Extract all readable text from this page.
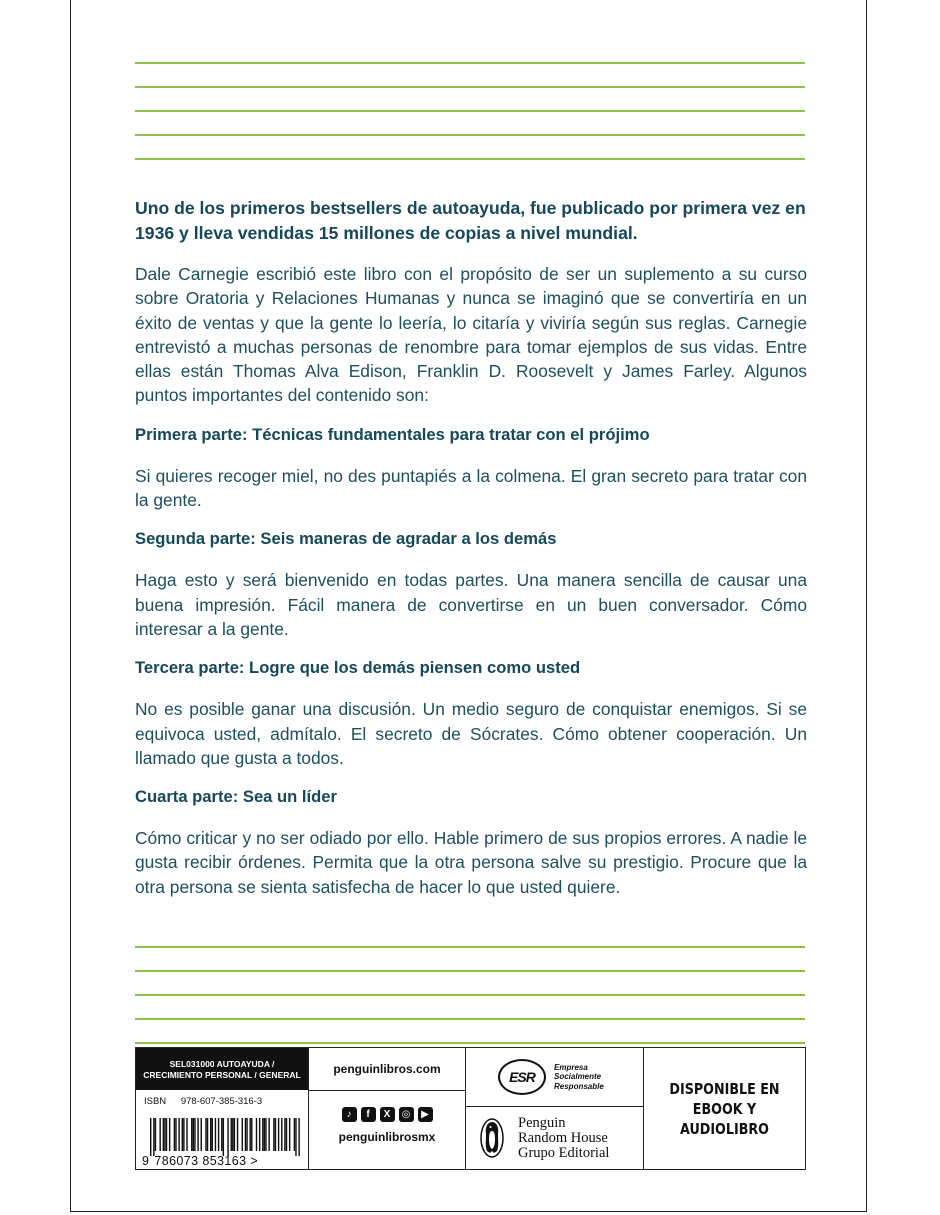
Uno de los primeros bestsellers de autoayuda, fue publicado por primera vez en 1936 y lleva vendidas 15 millones de copias a nivel mundial.

Dale Carnegie escribió este libro con el propósito de ser un suplemento a su curso sobre Oratoria y Relaciones Humanas y nunca se imaginó que se convertiría en un éxito de ventas y que la gente lo leería, lo citaría y viviría según sus reglas. Carnegie entrevistó a muchas personas de renombre para tomar ejemplos de sus vidas. Entre ellas están Thomas Alva Edison, Franklin D. Roosevelt y James Farley. Algunos puntos importantes del contenido son:

Primera parte: Técnicas fundamentales para tratar con el prójimo

Si quieres recoger miel, no des puntapiés a la colmena. El gran secreto para tratar con la gente.

Segunda parte: Seis maneras de agradar a los demás

Haga esto y será bienvenido en todas partes. Una manera sencilla de causar una buena impresión. Fácil manera de convertirse en un buen conversador. Cómo interesar a la gente.

Tercera parte: Logre que los demás piensen como usted

No es posible ganar una discusión. Un medio seguro de conquistar enemigos. Si se equivoca usted, admítalo. El secreto de Sócrates. Cómo obtener cooperación. Un llamado que gusta a todos.

Cuarta parte: Sea un líder

Cómo criticar y no ser odiado por ello. Hable primero de sus propios errores. A nadie le gusta recibir órdenes. Permita que la otra persona salve su prestigio. Procure que la otra persona se sienta satisfecha de hacer lo que usted quiere.

SEL031000 AUTOAYUDA /
CRECIMIENTO PERSONAL / GENERAL
ISBN 978-607-385-316-3
9 786073 853163 >
penguinlibros.com
♪	f	X	◎	▶
penguinlibrosmx
ESR
Empresa
Socialmente
Responsable
Penguin
Random House
Grupo Editorial
DISPONIBLE EN
EBOOK Y AUDIOLIBRO
